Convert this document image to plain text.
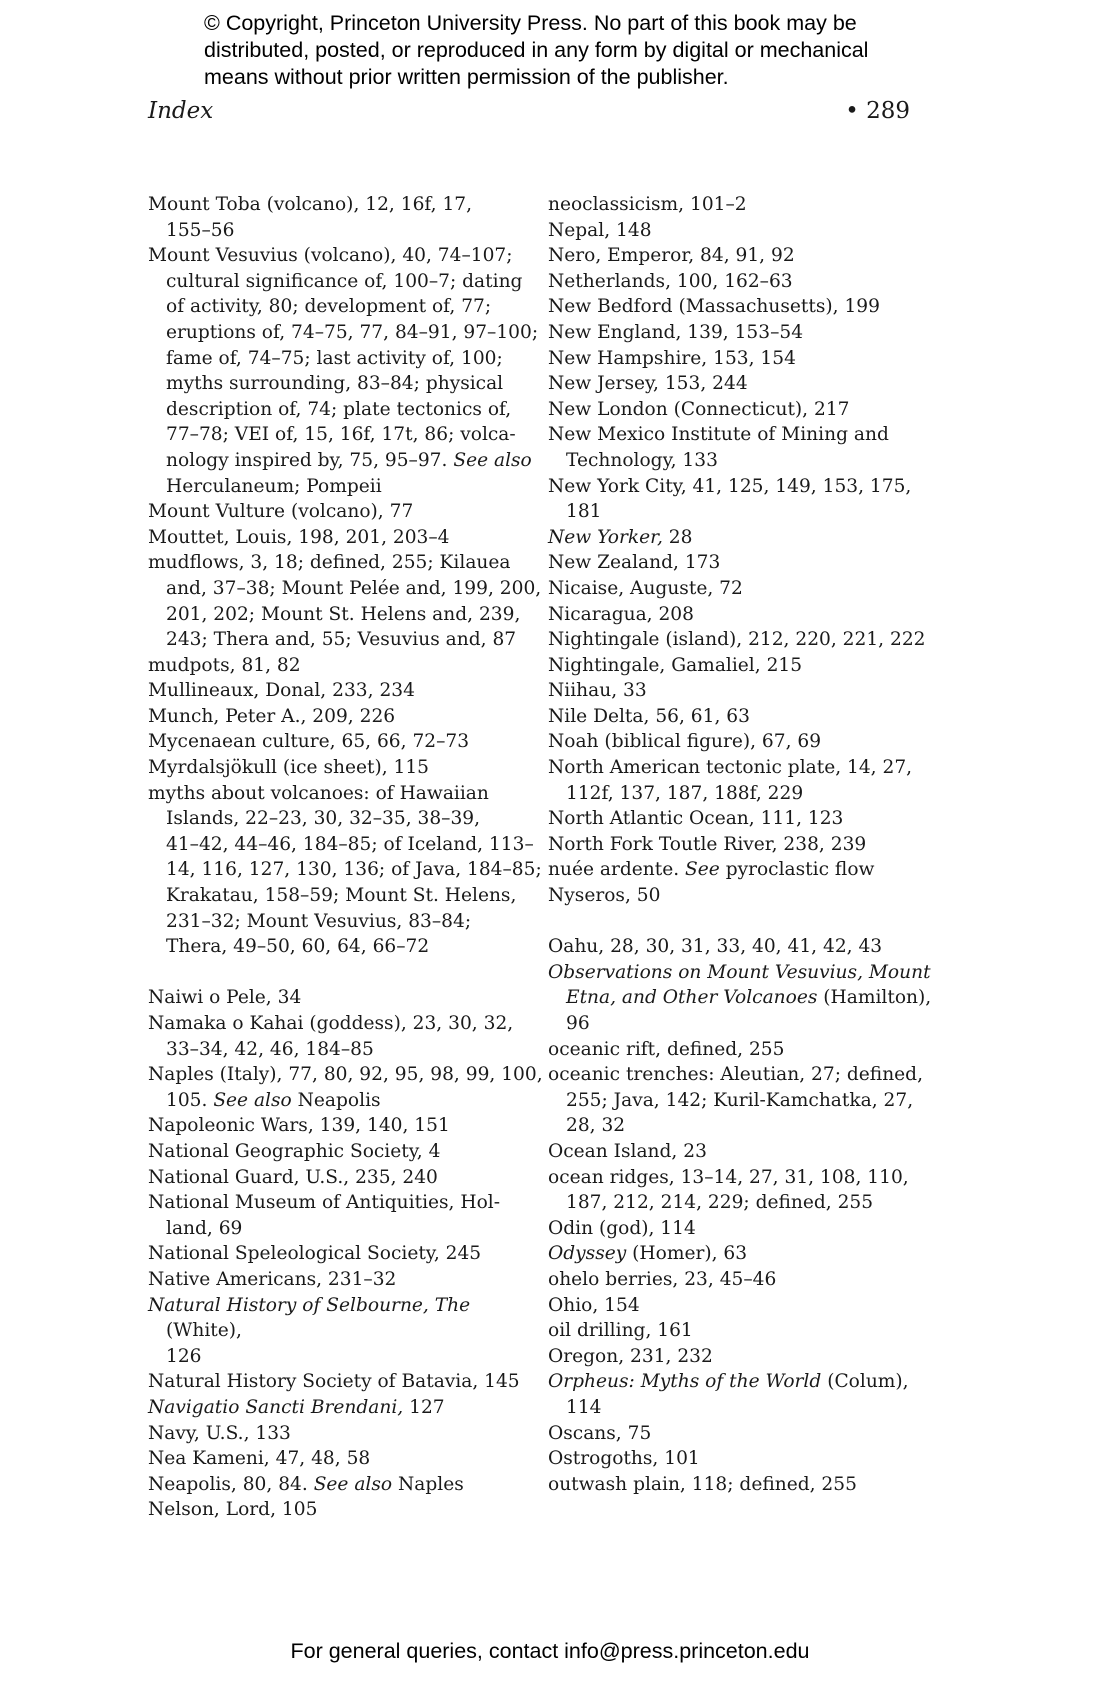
© Copyright, Princeton University Press. No part of this book may be
distributed, posted, or reproduced in any form by digital or mechanical
means without prior written permission of the publisher.
Index	• 289
Mount Toba (volcano), 12, 16f, 17,
155–56
Mount Vesuvius (volcano), 40, 74–107;
cultural significance of, 100–7; dating
of activity, 80; development of, 77;
eruptions of, 74–75, 77, 84–91, 97–100;
fame of, 74–75; last activity of, 100;
myths surrounding, 83–84; physical
description of, 74; plate tectonics of,
77–78; VEI of, 15, 16f, 17t, 86; volca-
nology inspired by, 75, 95–97. See also
Herculaneum; Pompeii
Mount Vulture (volcano), 77
Mouttet, Louis, 198, 201, 203–4
mudflows, 3, 18; defined, 255; Kilauea
and, 37–38; Mount Pelée and, 199, 200,
201, 202; Mount St. Helens and, 239,
243; Thera and, 55; Vesuvius and, 87
mudpots, 81, 82
Mullineaux, Donal, 233, 234
Munch, Peter A., 209, 226
Mycenaean culture, 65, 66, 72–73
Myrdalsjökull (ice sheet), 115
myths about volcanoes: of Hawaiian
Islands, 22–23, 30, 32–35, 38–39,
41–42, 44–46, 184–85; of Iceland, 113–
14, 116, 127, 130, 136; of Java, 184–85;
Krakatau, 158–59; Mount St. Helens,
231–32; Mount Vesuvius, 83–84;
Thera, 49–50, 60, 64, 66–72
Naiwi o Pele, 34
Namaka o Kahai (goddess), 23, 30, 32,
33–34, 42, 46, 184–85
Naples (Italy), 77, 80, 92, 95, 98, 99, 100,
105. See also Neapolis
Napoleonic Wars, 139, 140, 151
National Geographic Society, 4
National Guard, U.S., 235, 240
National Museum of Antiquities, Hol-
land, 69
National Speleological Society, 245
Native Americans, 231–32
Natural History of Selbourne, The (White),
126
Natural History Society of Batavia, 145
Navigatio Sancti Brendani, 127
Navy, U.S., 133
Nea Kameni, 47, 48, 58
Neapolis, 80, 84. See also Naples
Nelson, Lord, 105
neoclassicism, 101–2
Nepal, 148
Nero, Emperor, 84, 91, 92
Netherlands, 100, 162–63
New Bedford (Massachusetts), 199
New England, 139, 153–54
New Hampshire, 153, 154
New Jersey, 153, 244
New London (Connecticut), 217
New Mexico Institute of Mining and
Technology, 133
New York City, 41, 125, 149, 153, 175,
181
New Yorker, 28
New Zealand, 173
Nicaise, Auguste, 72
Nicaragua, 208
Nightingale (island), 212, 220, 221, 222
Nightingale, Gamaliel, 215
Niihau, 33
Nile Delta, 56, 61, 63
Noah (biblical figure), 67, 69
North American tectonic plate, 14, 27,
112f, 137, 187, 188f, 229
North Atlantic Ocean, 111, 123
North Fork Toutle River, 238, 239
nuée ardente. See pyroclastic flow
Nyseros, 50
Oahu, 28, 30, 31, 33, 40, 41, 42, 43
Observations on Mount Vesuvius, Mount
Etna, and Other Volcanoes (Hamilton),
96
oceanic rift, defined, 255
oceanic trenches: Aleutian, 27; defined,
255; Java, 142; Kuril-Kamchatka, 27,
28, 32
Ocean Island, 23
ocean ridges, 13–14, 27, 31, 108, 110,
187, 212, 214, 229; defined, 255
Odin (god), 114
Odyssey (Homer), 63
ohelo berries, 23, 45–46
Ohio, 154
oil drilling, 161
Oregon, 231, 232
Orpheus: Myths of the World (Colum),
114
Oscans, 75
Ostrogoths, 101
outwash plain, 118; defined, 255
For general queries, contact info@press.princeton.edu
